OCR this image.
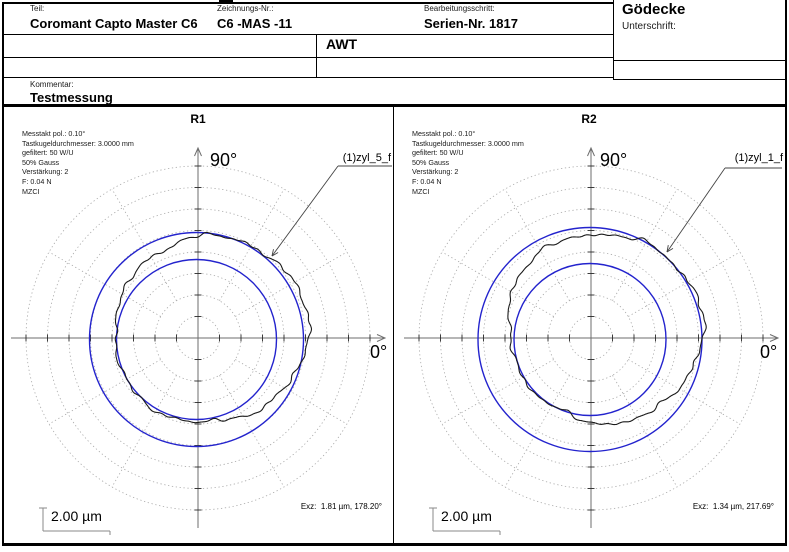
Teil:
Coromant Capto Master C6
Zeichnungs-Nr.:
C6 -MAS -11
Bearbeitungsschritt:
Serien-Nr. 1817
Gödecke
Unterschrift:
AWT
Kommentar:
Testmessung
R1
Messtakt pol.: 0.10°
Tastkugeldurchmesser: 3.0000 mm
gefiltert: 50 W/U
50% Gauss
Verstärkung: 2
F: 0.04 N
MZCI
90°
0°
(1)zyl_5_f
Exz:  1.81 µm, 178.20°
2.00 µm
R2
Messtakt pol.: 0.10°
Tastkugeldurchmesser: 3.0000 mm
gefiltert: 50 W/U
50% Gauss
Verstärkung: 2
F: 0.04 N
MZCI
90°
0°
(1)zyl_1_f
Exz:  1.34 µm, 217.69°
2.00 µm
